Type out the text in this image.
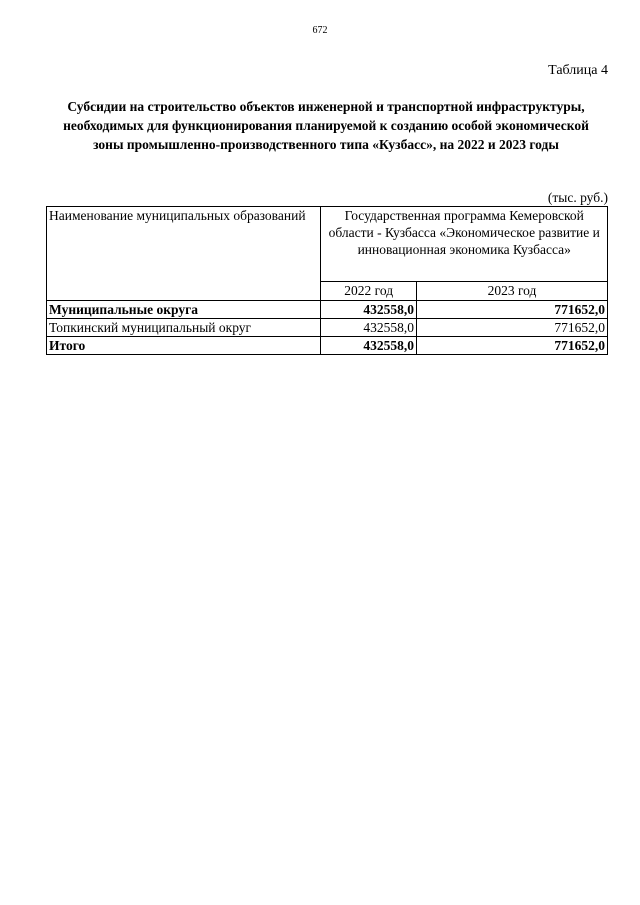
672
Таблица 4
Субсидии на строительство объектов инженерной и транспортной инфраструктуры,
необходимых для функционирования планируемой к созданию особой экономической
зоны промышленно-производственного типа «Кузбасс», на 2022 и 2023 годы
(тыс. руб.)
Наименование муниципальных образований	Государственная программа Кемеровской области - Кузбасса «Экономическое развитие и инновационная экономика Кузбасса»	
	2022 год	2023 год
Муниципальные округа	432558,0	771652,0
Топкинский муниципальный округ	432558,0	771652,0
Итого	432558,0	771652,0
